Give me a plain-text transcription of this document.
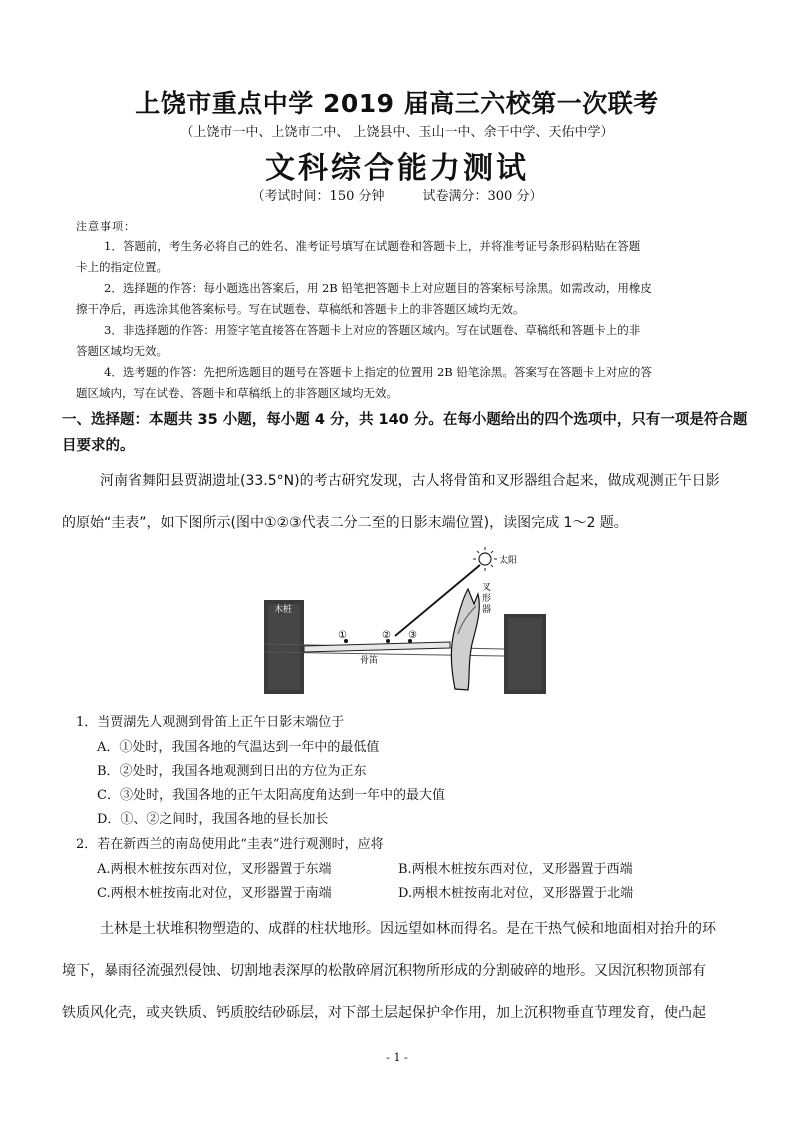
上饶市重点中学 2019 届高三六校第一次联考
（上饶市一中、上饶市二中、 上饶县中、玉山一中、余干中学、天佑中学）
文科综合能力测试
（考试时间：150 分钟	试卷满分：300 分）
注意事项：
1．答题前，考生务必将自己的姓名、准考证号填写在试题卷和答题卡上，并将准考证号条形码粘贴在答题
卡上的指定位置。
2．选择题的作答：每小题选出答案后，用 2B 铅笔把答题卡上对应题目的答案标号涂黑。如需改动，用橡皮
擦干净后，再选涂其他答案标号。写在试题卷、草稿纸和答题卡上的非答题区域均无效。
3．非选择题的作答：用签字笔直接答在答题卡上对应的答题区域内。写在试题卷、草稿纸和答题卡上的非
答题区域均无效。
4．选考题的作答：先把所选题目的题号在答题卡上指定的位置用 2B 铅笔涂黑。答案写在答题卡上对应的答
题区域内，写在试卷、答题卡和草稿纸上的非答题区域均无效。
一、选择题：本题共 35 小题，每小题 4 分，共 140 分。在每小题给出的四个选项中，只有一项是符合题
目要求的。
河南省舞阳县贾湖遗址(33.5°N)的考古研究发现，古人将骨笛和叉形器组合起来，做成观测正午日影
的原始“圭表”，如下图所示(图中①②③代表二分二至的日影末端位置)，读图完成 1～2 题。
太阳
木桩
①	② ③
骨笛
叉形器
1．当贾湖先人观测到骨笛上正午日影末端位于
A．①处时，我国各地的气温达到一年中的最低值
B．②处时，我国各地观测到日出的方位为正东
C．③处时，我国各地的正午太阳高度角达到一年中的最大值
D．①、②之间时，我国各地的昼长加长
2．若在新西兰的南岛使用此“圭表”进行观测时，应将
A.两根木桩按东西对位，叉形器置于东端	B.两根木桩按东西对位，叉形器置于西端
C.两根木桩按南北对位，叉形器置于南端	D.两根木桩按南北对位，叉形器置于北端
土林是土状堆积物塑造的、成群的柱状地形。因远望如林而得名。是在干热气候和地面相对抬升的环
境下，暴雨径流强烈侵蚀、切割地表深厚的松散碎屑沉积物所形成的分割破碎的地形。又因沉积物顶部有
铁质风化壳，或夹铁质、钙质胶结砂砾层，对下部土层起保护伞作用，加上沉积物垂直节理发育，使凸起
- 1 -
